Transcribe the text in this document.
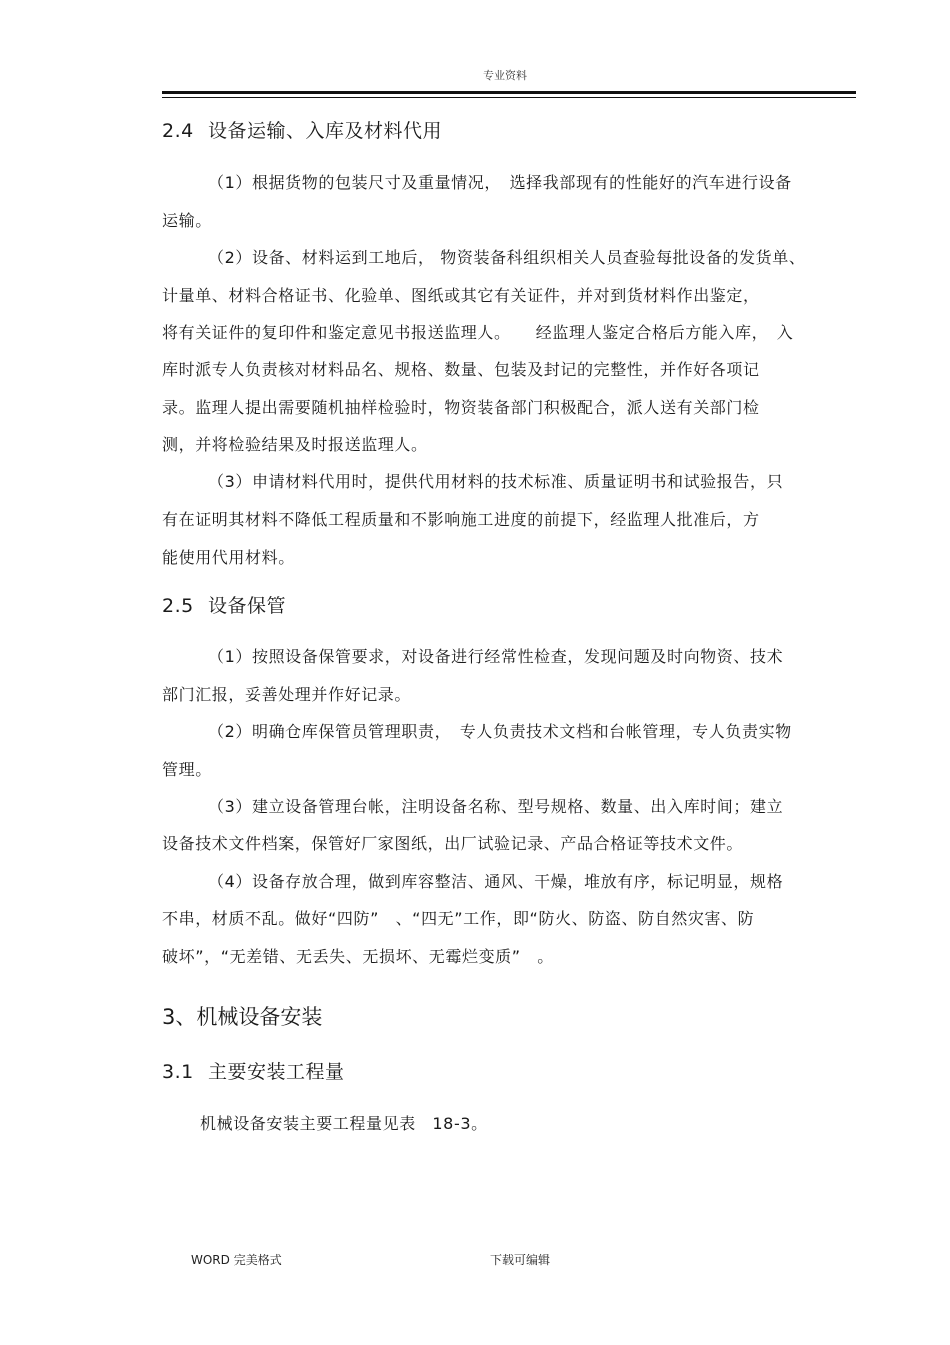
专业资料
2.4 设备运输、入库及材料代用
（1）根据货物的包装尺寸及重量情况，　选择我部现有的性能好的汽车进行设备
运输。
（2）设备、材料运到工地后， 物资装备科组织相关人员查验每批设备的发货单、
计量单、材料合格证书、化验单、图纸或其它有关证件，并对到货材料作出鉴定，
将有关证件的复印件和鉴定意见书报送监理人。　　经监理人鉴定合格后方能入库，　入
库时派专人负责核对材料品名、规格、数量、包装及封记的完整性，并作好各项记
录。监理人提出需要随机抽样检验时，物资装备部门积极配合，派人送有关部门检
测，并将检验结果及时报送监理人。
（3）申请材料代用时，提供代用材料的技术标准、质量证明书和试验报告，只
有在证明其材料不降低工程质量和不影响施工进度的前提下，经监理人批准后，方
能使用代用材料。
2.5 设备保管
（1）按照设备保管要求，对设备进行经常性检查，发现问题及时向物资、技术
部门汇报，妥善处理并作好记录。
（2）明确仓库保管员管理职责，　专人负责技术文档和台帐管理，专人负责实物
管理。
（3）建立设备管理台帐，注明设备名称、型号规格、数量、出入库时间；建立
设备技术文件档案，保管好厂家图纸，出厂试验记录、产品合格证等技术文件。
（4）设备存放合理，做到库容整洁、通风、干燥，堆放有序，标记明显，规格
不串，材质不乱。做好“四防”　、“四无”工作，即“防火、防盗、防自然灾害、防
破坏”，“无差错、无丢失、无损坏、无霉烂变质”　。
3、机械设备安装
3.1 主要安装工程量
机械设备安装主要工程量见表　18-3。
WORD 完美格式	下载可编辑
